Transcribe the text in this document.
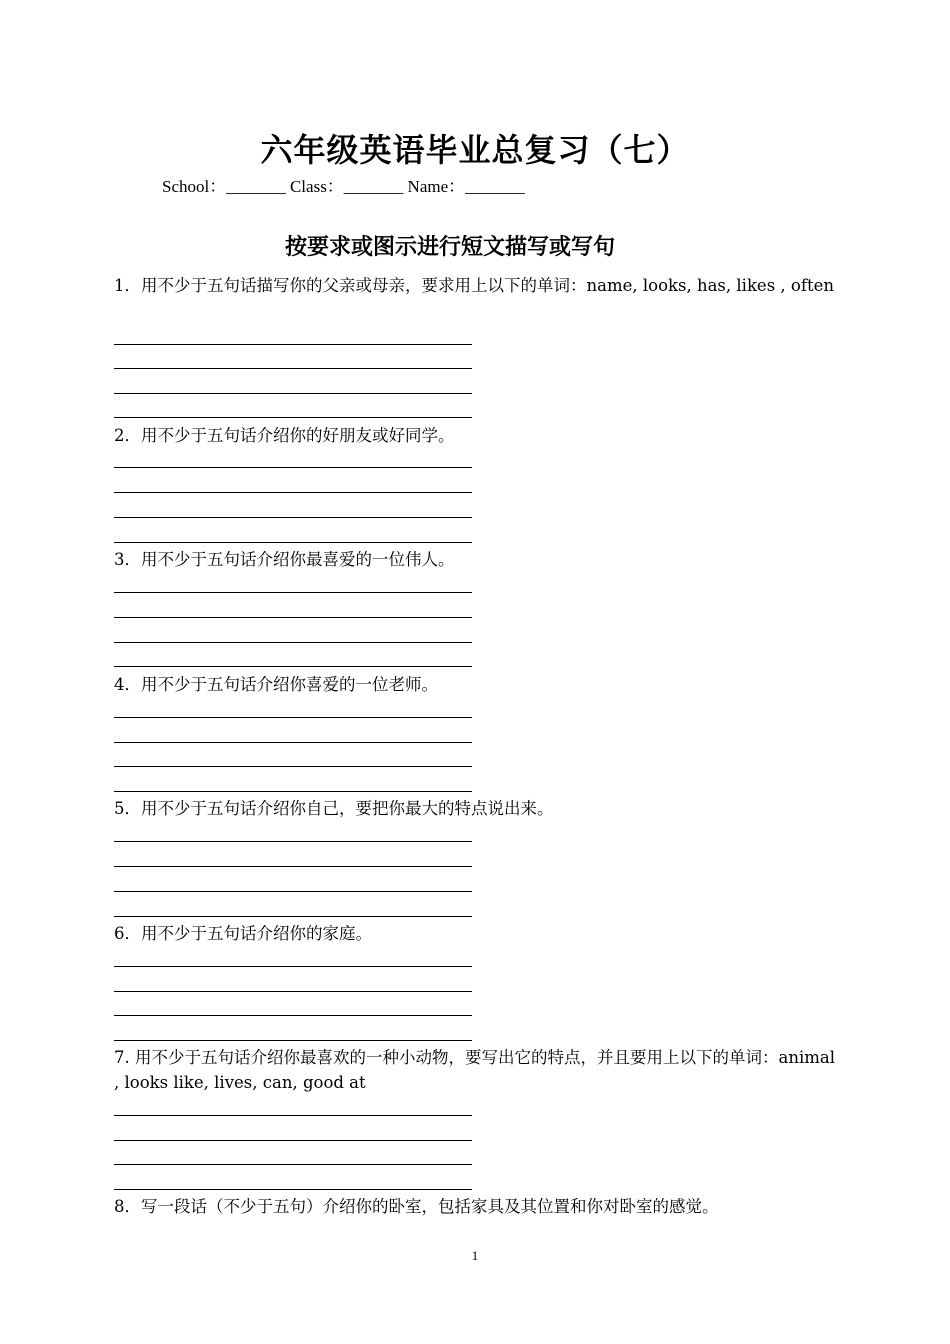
六年级英语毕业总复习（七）
School：_______ Class：_______ Name：_______
按要求或图示进行短文描写或写句
1．用不少于五句话描写你的父亲或母亲，要求用上以下的单词：name, looks, has, likes , often
2．用不少于五句话介绍你的好朋友或好同学。
3．用不少于五句话介绍你最喜爱的一位伟人。
4．用不少于五句话介绍你喜爱的一位老师。
5．用不少于五句话介绍你自己，要把你最大的特点说出来。
6．用不少于五句话介绍你的家庭。
7. 用不少于五句话介绍你最喜欢的一种小动物，要写出它的特点，并且要用上以下的单词：animal , looks like, lives, can, good at
8．写一段话（不少于五句）介绍你的卧室，包括家具及其位置和你对卧室的感觉。
1
